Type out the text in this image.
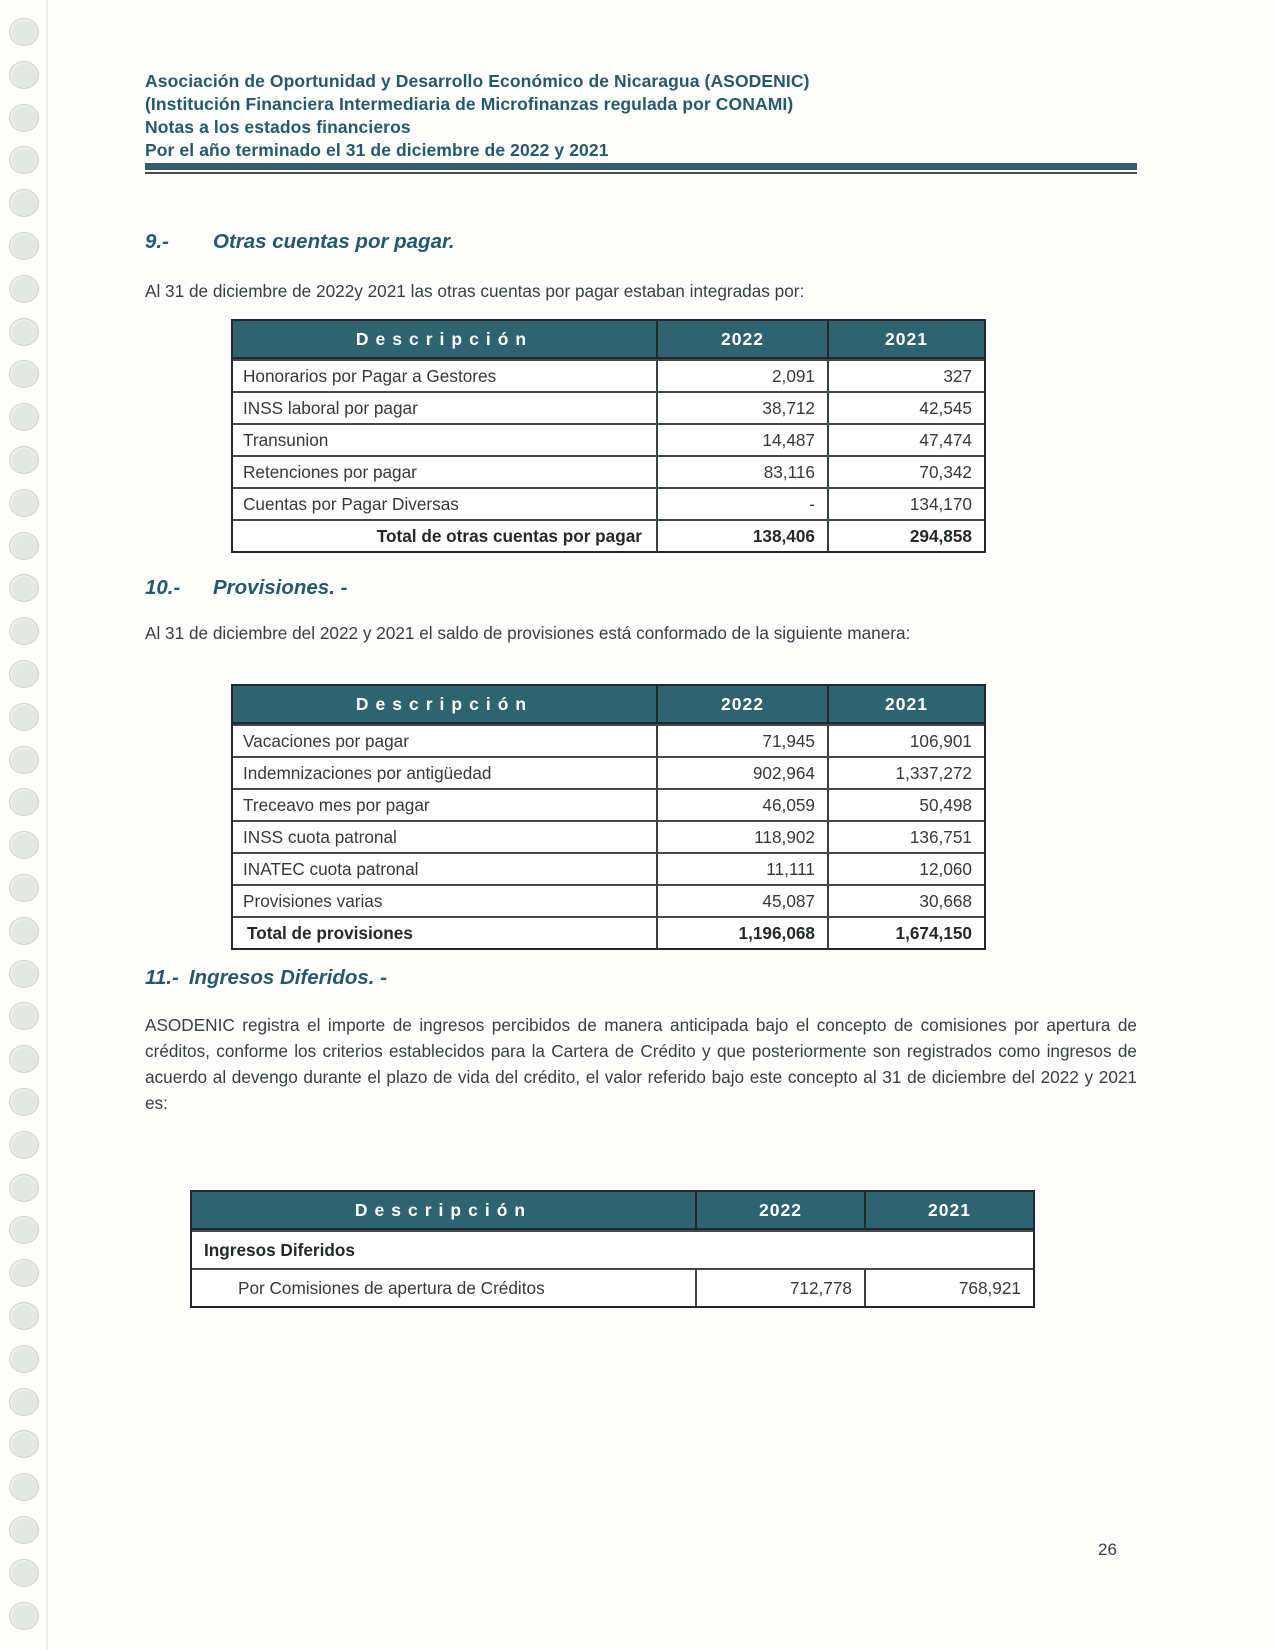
Asociación de Oportunidad y Desarrollo Económico de Nicaragua (ASODENIC)
(Institución Financiera Intermediaria de Microfinanzas regulada por CONAMI)
Notas a los estados financieros
Por el año terminado el 31 de diciembre de 2022 y 2021
9.- Otras cuentas por pagar.
Al 31 de diciembre de 2022y 2021 las otras cuentas por pagar estaban integradas por:
Descripción	2022	2021
Honorarios por Pagar a Gestores	2,091	327
INSS laboral por pagar	38,712	42,545
Transunion	14,487	47,474
Retenciones por pagar	83,116	70,342
Cuentas por Pagar Diversas	-	134,170
Total de otras cuentas por pagar	138,406	294,858
10.- Provisiones. -
Al 31 de diciembre del 2022 y 2021 el saldo de provisiones está conformado de la siguiente manera:
Descripción	2022	2021
Vacaciones por pagar	71,945	106,901
Indemnizaciones por antigüedad	902,964	1,337,272
Treceavo mes por pagar	46,059	50,498
INSS cuota patronal	118,902	136,751
INATEC cuota patronal	11,111	12,060
Provisiones varias	45,087	30,668
Total de provisiones	1,196,068	1,674,150
11.- Ingresos Diferidos. -
ASODENIC registra el importe de ingresos percibidos de manera anticipada bajo el concepto de comisiones por apertura de créditos, conforme los criterios establecidos para la Cartera de Crédito y que posteriormente son registrados como ingresos de acuerdo al devengo durante el plazo de vida del crédito, el valor referido bajo este concepto al 31 de diciembre del 2022 y 2021 es:
Descripción	2022	2021
Ingresos Diferidos
Por Comisiones de apertura de Créditos	712,778	768,921
26
